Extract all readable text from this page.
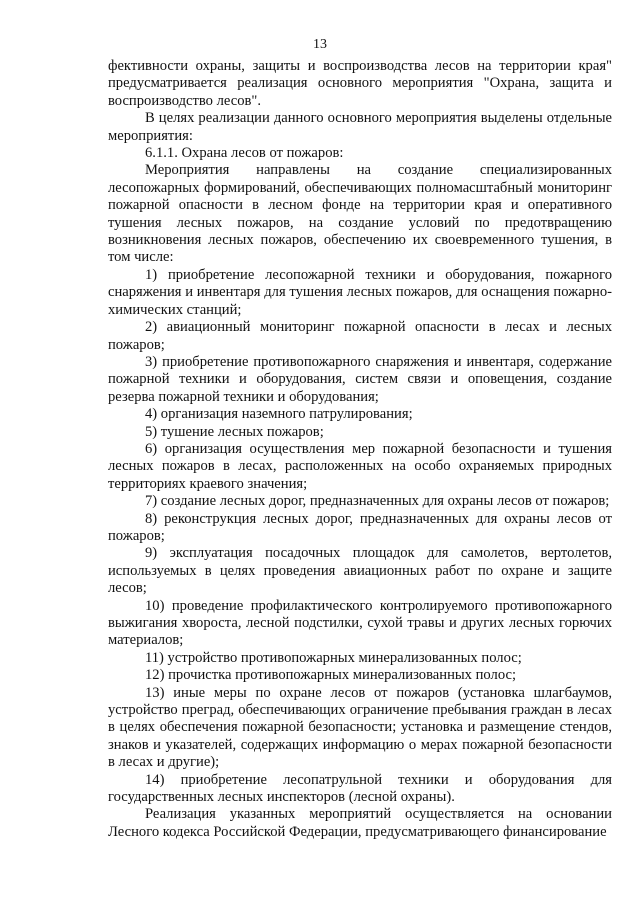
13

фективности охраны, защиты и воспроизводства лесов на территории края" предусматривается реализация основного мероприятия "Охрана, защита и воспроизводство лесов".

В целях реализации данного основного мероприятия выделены отдельные мероприятия:

6.1.1. Охрана лесов от пожаров:

Мероприятия направлены на создание специализированных лесопожарных формирований, обеспечивающих полномасштабный мониторинг пожарной опасности в лесном фонде на территории края и оперативного тушения лесных пожаров, на создание условий по предотвращению возникновения лесных пожаров, обеспечению их своевременного тушения, в том числе:

1) приобретение лесопожарной техники и оборудования, пожарного снаряжения и инвентаря для тушения лесных пожаров, для оснащения пожарно-химических станций;

2) авиационный мониторинг пожарной опасности в лесах и лесных пожаров;

3) приобретение противопожарного снаряжения и инвентаря, содержание пожарной техники и оборудования, систем связи и оповещения, создание резерва пожарной техники и оборудования;

4) организация наземного патрулирования;

5) тушение лесных пожаров;

6) организация осуществления мер пожарной безопасности и тушения лесных пожаров в лесах, расположенных на особо охраняемых природных территориях краевого значения;

7) создание лесных дорог, предназначенных для охраны лесов от пожаров;

8) реконструкция лесных дорог, предназначенных для охраны лесов от пожаров;

9) эксплуатация посадочных площадок для самолетов, вертолетов, используемых в целях проведения авиационных работ по охране и защите лесов;

10) проведение профилактического контролируемого противопожарного выжигания хвороста, лесной подстилки, сухой травы и других лесных горючих материалов;

11) устройство противопожарных минерализованных полос;

12) прочистка противопожарных минерализованных полос;

13) иные меры по охране лесов от пожаров (установка шлагбаумов, устройство преград, обеспечивающих ограничение пребывания граждан в лесах в целях обеспечения пожарной безопасности; установка и размещение стендов, знаков и указателей, содержащих информацию о мерах пожарной безопасности в лесах и другие);

14) приобретение лесопатрульной техники и оборудования для государственных лесных инспекторов (лесной охраны).

Реализация указанных мероприятий осуществляется на основании Лесного кодекса Российской Федерации, предусматривающего финансирование
